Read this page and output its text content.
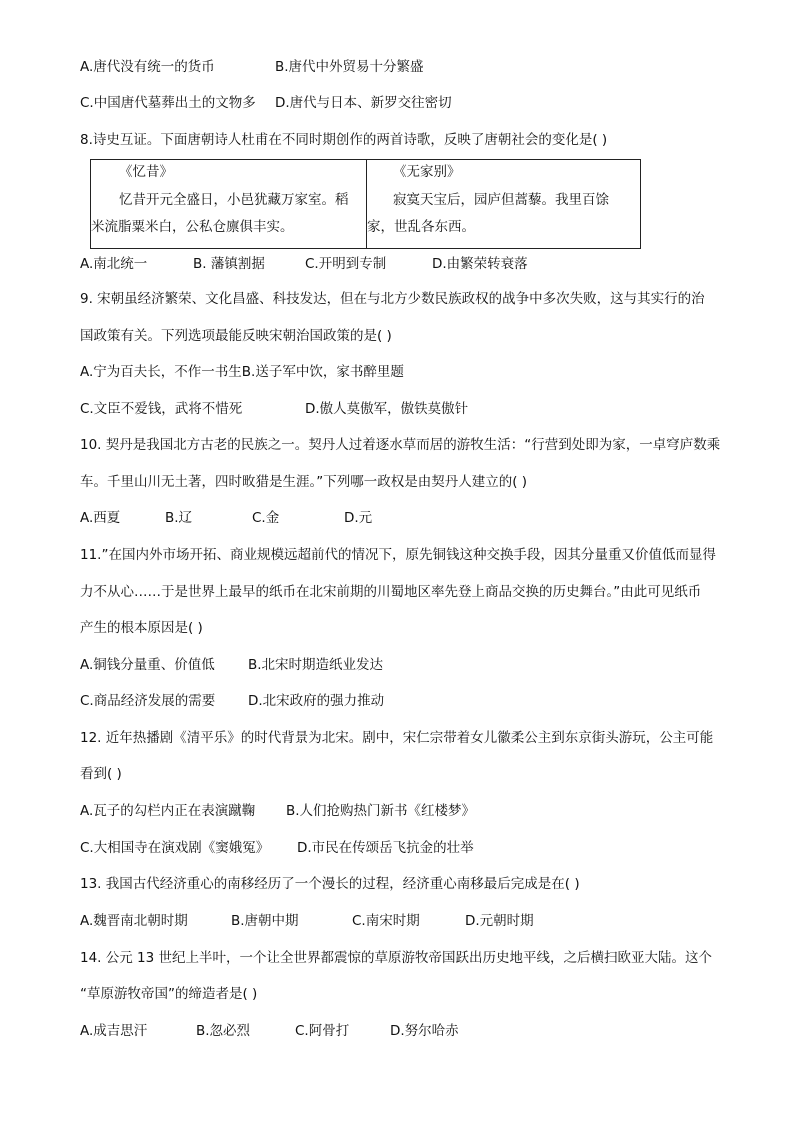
A.唐代没有统一的货币	B.唐代中外贸易十分繁盛
C.中国唐代墓葬出土的文物多 D.唐代与日本、新罗交往密切
8.诗史互证。下面唐朝诗人杜甫在不同时期创作的两首诗歌，反映了唐朝社会的变化是( )
《忆昔》
忆昔开元全盛日，小邑犹藏万家室。稻
米流脂粟米白，公私仓廪俱丰实。
《无家别》
寂寞天宝后，园庐但蒿藜。我里百馀
家，世乱各东西。
A.南北统一	B. 藩镇割据	C.开明到专制	D.由繁荣转衰落
9. 宋朝虽经济繁荣、文化昌盛、科技发达，但在与北方少数民族政权的战争中多次失败，这与其实行的治
国政策有关。下列选项最能反映宋朝治国政策的是( )
A.宁为百夫长，不作一书生B.送子军中饮，家书醉里题
C.文臣不爱钱，武将不惜死	D.傲人莫傲军，傲铁莫傲针
10. 契丹是我国北方古老的民族之一。契丹人过着逐水草而居的游牧生活：“行营到处即为家，一卓穹庐数乘
车。千里山川无土著，四时畋猎是生涯。”下列哪一政权是由契丹人建立的( )
A.西夏	B.辽	C.金	D.元
11.”在国内外市场开拓、商业规模远超前代的情况下，原先铜钱这种交换手段，因其分量重又价值低而显得
力不从心……于是世界上最早的纸币在北宋前期的川蜀地区率先登上商品交换的历史舞台。”由此可见纸币
产生的根本原因是( )
A.铜钱分量重、价值低 B.北宋时期造纸业发达
C.商品经济发展的需要 D.北宋政府的强力推动
12. 近年热播剧《清平乐》的时代背景为北宋。剧中，宋仁宗带着女儿徽柔公主到东京街头游玩，公主可能
看到( )
A.瓦子的勾栏内正在表演蹴鞠 B.人们抢购热门新书《红楼梦》
C.大相国寺在演戏剧《窦娥冤》 D.市民在传颂岳飞抗金的壮举
13. 我国古代经济重心的南移经历了一个漫长的过程，经济重心南移最后完成是在( )
A.魏晋南北朝时期	B.唐朝中期	C.南宋时期	D.元朝时期
14. 公元 13 世纪上半叶，一个让全世界都震惊的草原游牧帝国跃出历史地平线，之后横扫欧亚大陆。这个
“草原游牧帝国”的缔造者是( )
A.成吉思汗	B.忽必烈	C.阿骨打	D.努尔哈赤
